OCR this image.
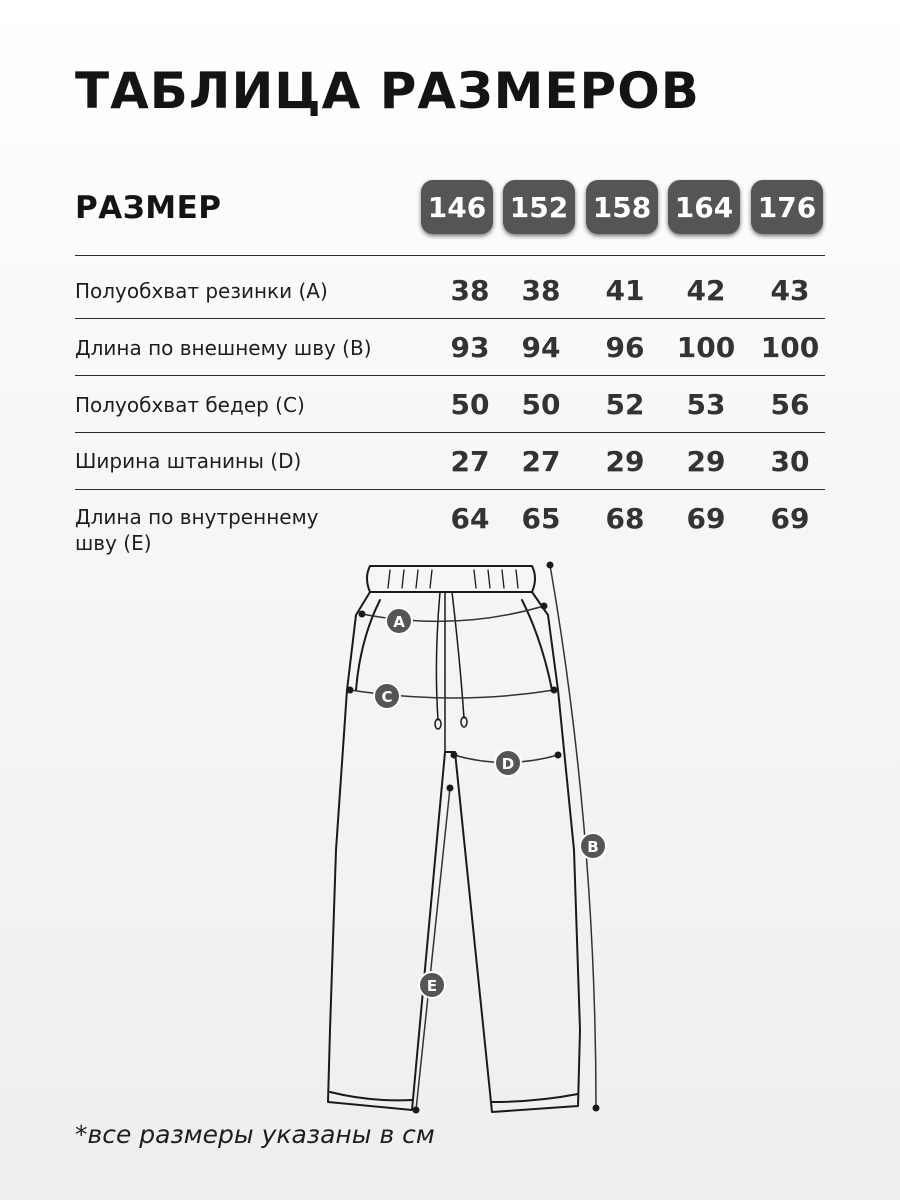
ТАБЛИЦА РАЗМЕРОВ
РАЗМЕР	146 152 158 164 176
Полуобхват резинки (A)	38	38	41	42	43
Длина по внешнему шву (B)	93	94	96	100 100
Полуобхват бедер (C)	50	50	52	53	56
Ширина штанины (D)	27	27	29	29	30
Длина по внутреннему шву (E)
64	65	68	69	69
A
C
D
B
E
*все размеры указаны в см
